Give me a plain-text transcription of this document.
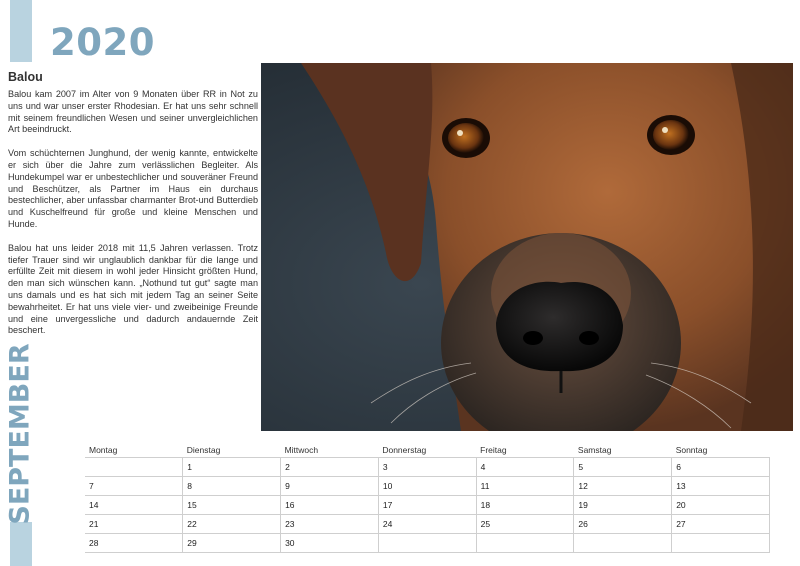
SEPTEMBER
2020
Balou

Balou kam 2007 im Alter von 9 Monaten über RR in Not zu uns und war unser erster Rhodesian. Er hat uns sehr schnell mit seinem freundlichen Wesen und seiner unvergleichlichen Art beeindruckt.

Vom schüchternen Junghund, der wenig kannte, entwickelte er sich über die Jahre zum verlässlichen Begleiter. Als Hundekumpel war er unbestechlicher und souveräner Freund und Beschützer, als Partner im Haus ein durchaus bestechlicher, aber unfassbar charmanter Brot-und Butterdieb und Kuschelfreund für große und kleine Menschen und Hunde.

Balou hat uns leider 2018 mit 11,5 Jahren verlassen. Trotz tiefer Trauer sind wir unglaublich dankbar für die lange und erfüllte Zeit mit diesem in wohl jeder Hinsicht größten Hund, den man sich wünschen kann. „Nothund tut gut“ sagte man uns damals und es hat sich mit jedem Tag an seiner Seite bewahrheitet. Er hat uns viele vier- und zweibeinige Freunde und eine unvergessliche und dadurch andauernde Zeit beschert.

Montag	Dienstag	Mittwoch	Donnerstag	Freitag	Samstag	Sonntag
	1	2	3	4	5	6
7	8	9	10	11	12	13
14	15	16	17	18	19	20
21	22	23	24	25	26	27
28	29	30				
